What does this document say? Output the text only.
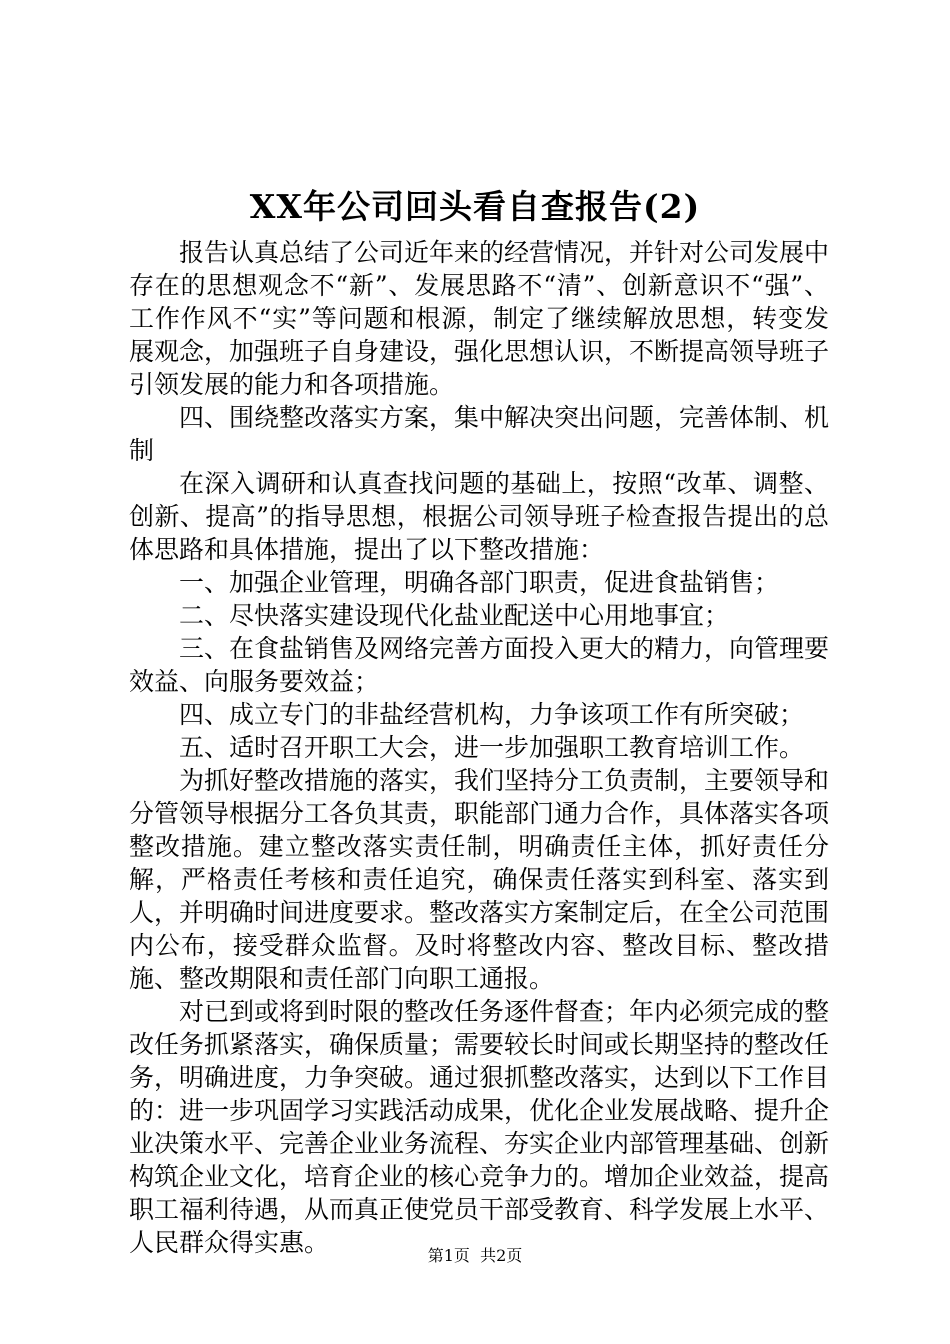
XX年公司回头看自查报告(2)

报告认真总结了公司近年来的经营情况，并针对公司发展中存在的思想观念不“新”、发展思路不“清”、创新意识不“强”、工作作风不“实”等问题和根源，制定了继续解放思想，转变发展观念，加强班子自身建设，强化思想认识，不断提高领导班子引领发展的能力和各项措施。

四、围绕整改落实方案，集中解决突出问题，完善体制、机制

在深入调研和认真查找问题的基础上，按照“改革、调整、创新、提高”的指导思想，根据公司领导班子检查报告提出的总体思路和具体措施，提出了以下整改措施：

一、加强企业管理，明确各部门职责，促进食盐销售；

二、尽快落实建设现代化盐业配送中心用地事宜；

三、在食盐销售及网络完善方面投入更大的精力，向管理要效益、向服务要效益；

四、成立专门的非盐经营机构，力争该项工作有所突破；

五、适时召开职工大会，进一步加强职工教育培训工作。

为抓好整改措施的落实，我们坚持分工负责制，主要领导和分管领导根据分工各负其责，职能部门通力合作，具体落实各项整改措施。建立整改落实责任制，明确责任主体，抓好责任分解，严格责任考核和责任追究，确保责任落实到科室、落实到人，并明确时间进度要求。整改落实方案制定后，在全公司范围内公布，接受群众监督。及时将整改内容、整改目标、整改措施、整改期限和责任部门向职工通报。

对已到或将到时限的整改任务逐件督查；年内必须完成的整改任务抓紧落实，确保质量；需要较长时间或长期坚持的整改任务，明确进度，力争突破。通过狠抓整改落实，达到以下工作目的：进一步巩固学习实践活动成果，优化企业发展战略、提升企业决策水平、完善企业业务流程、夯实企业内部管理基础、创新构筑企业文化，培育企业的核心竞争力的。增加企业效益，提高职工福利待遇，从而真正使党员干部受教育、科学发展上水平、人民群众得实惠。	第1页  共2页
